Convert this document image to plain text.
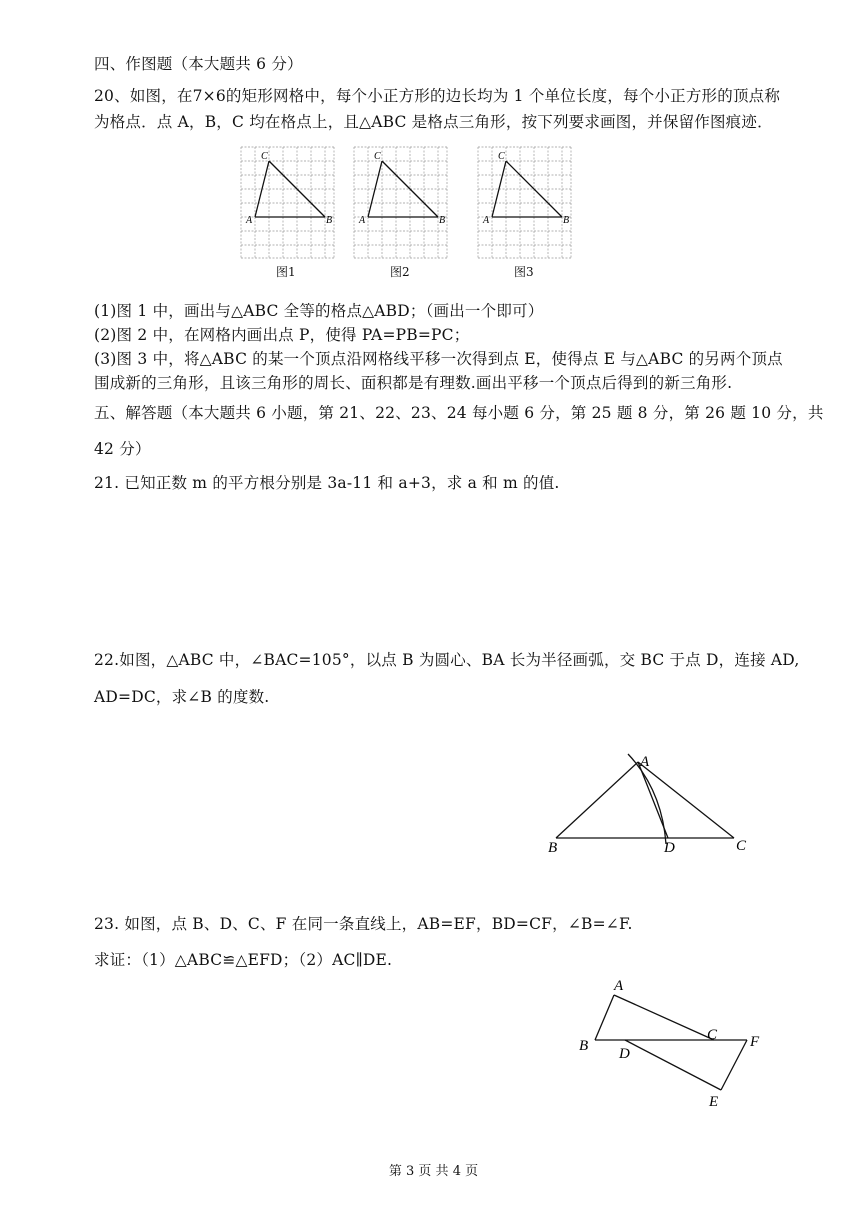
四、作图题（本大题共 6 分）
20、如图，在7×6的矩形网格中，每个小正方形的边长均为 1 个单位长度，每个小正方形的顶点称
为格点．点 A，B，C 均在格点上，且△ABC 是格点三角形，按下列要求画图，并保留作图痕迹．
C
A	B
图1
C
A	B
图2
C
A	B
图3
(1)图 1 中，画出与△ABC 全等的格点△ABD；（画出一个即可）
(2)图 2 中，在网格内画出点 P，使得 PA=PB=PC；
(3)图 3 中，将△ABC 的某一个顶点沿网格线平移一次得到点 E，使得点 E 与△ABC 的另两个顶点
围成新的三角形，且该三角形的周长、面积都是有理数.画出平移一个顶点后得到的新三角形.
五、解答题（本大题共 6 小题，第 21、22、23、24 每小题 6 分，第 25 题 8 分，第 26 题 10 分，共
42 分）
21. 已知正数 m 的平方根分别是 3a-11 和 a+3，求 a 和 m 的值.
22.如图，△ABC 中，∠BAC=105°，以点 B 为圆心、BA 长为半径画弧，交 BC 于点 D，连接 AD,
AD=DC，求∠B 的度数.
A
B	D	C
23. 如图，点 B、D、C、F 在同一条直线上，AB=EF，BD=CF，∠B=∠F.
求证：（1）△ABC≌△EFD；（2）AC∥DE.
A
B
C
D
F
E
第 3 页 共 4 页
